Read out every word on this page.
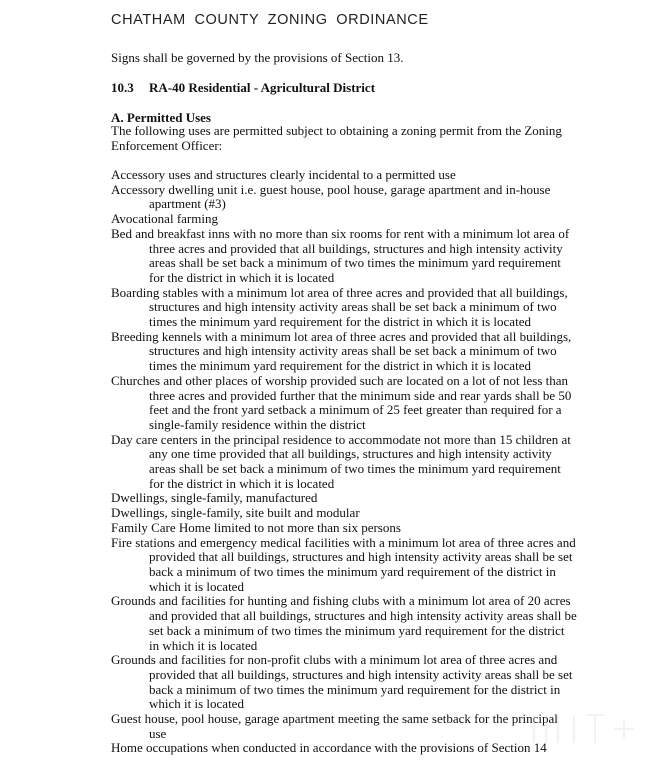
CHATHAM COUNTY ZONING ORDINANCE
Signs shall be governed by the provisions of Section 13.
10.3 RA-40 Residential - Agricultural District
A. Permitted Uses
The following uses are permitted subject to obtaining a zoning permit from the Zoning Enforcement Officer:
Accessory uses and structures clearly incidental to a permitted use
Accessory dwelling unit i.e. guest house, pool house, garage apartment and in-house apartment (#3)
Avocational farming
Bed and breakfast inns with no more than six rooms for rent with a minimum lot area of three acres and provided that all buildings, structures and high intensity activity areas shall be set back a minimum of two times the minimum yard requirement for the district in which it is located
Boarding stables with a minimum lot area of three acres and provided that all buildings, structures and high intensity activity areas shall be set back a minimum of two times the minimum yard requirement for the district in which it is located
Breeding kennels with a minimum lot area of three acres and provided that all buildings, structures and high intensity activity areas shall be set back a minimum of two times the minimum yard requirement for the district in which it is located
Churches and other places of worship provided such are located on a lot of not less than three acres and provided further that the minimum side and rear yards shall be 50 feet and the front yard setback a minimum of 25 feet greater than required for a single-family residence within the district
Day care centers in the principal residence to accommodate not more than 15 children at any one time provided that all buildings, structures and high intensity activity areas shall be set back a minimum of two times the minimum yard requirement for the district in which it is located
Dwellings, single-family, manufactured
Dwellings, single-family, site built and modular
Family Care Home limited to not more than six persons
Fire stations and emergency medical facilities with a minimum lot area of three acres and provided that all buildings, structures and high intensity activity areas shall be set back a minimum of two times the minimum yard requirement of the district in which it is located
Grounds and facilities for hunting and fishing clubs with a minimum lot area of 20 acres and provided that all buildings, structures and high intensity activity areas shall be set back a minimum of two times the minimum yard requirement for the district in which it is located
Grounds and facilities for non-profit clubs with a minimum lot area of three acres and provided that all buildings, structures and high intensity activity areas shall be set back a minimum of two times the minimum yard requirement for the district in which it is located
Guest house, pool house, garage apartment meeting the same setback for the principal use
Home occupations when conducted in accordance with the provisions of Section 14
